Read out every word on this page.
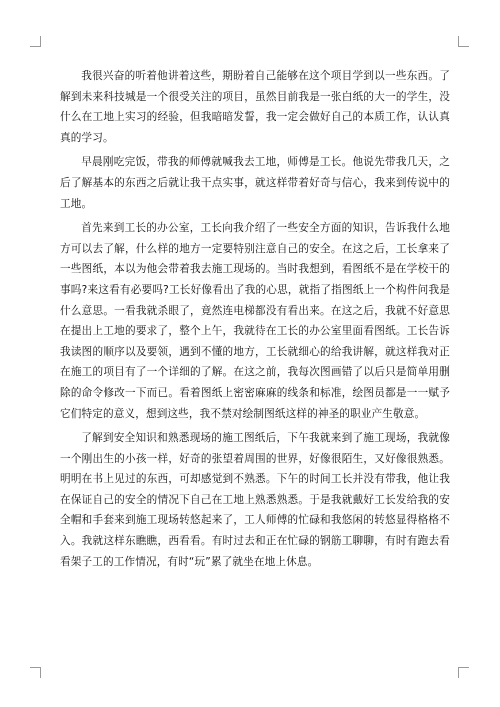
我很兴奋的听着他讲着这些，期盼着自己能够在这个项目学到以一些东西。了解到未来科技城是一个很受关注的项目，虽然目前我是一张白纸的大一的学生，没什么在工地上实习的经验，但我暗暗发誓，我一定会做好自己的本质工作，认认真真的学习。

早晨刚吃完饭，带我的师傅就喊我去工地，师傅是工长。他说先带我几天，之后了解基本的东西之后就让我干点实事，就这样带着好奇与信心，我来到传说中的工地。

首先来到工长的办公室，工长向我介绍了一些安全方面的知识，告诉我什么地方可以去了解，什么样的地方一定要特别注意自己的安全。在这之后，工长拿来了一些图纸，本以为他会带着我去施工现场的。当时我想到，看图纸不是在学校干的事吗?来这看有必要吗?工长好像看出了我的心思，就指了指图纸上一个构件问我是什么意思。一看我就杀眼了，竟然连电梯都没有看出来。在这之后，我就不好意思在提出上工地的要求了，整个上午，我就待在工长的办公室里面看图纸。工长告诉我读图的顺序以及要领，遇到不懂的地方，工长就细心的给我讲解，就这样我对正在施工的项目有了一个详细的了解。在这之前，我每次图画错了以后只是简单用删除的命令修改一下而已。看着图纸上密密麻麻的线条和标准，绘图员都是一一赋予它们特定的意义，想到这些，我不禁对绘制图纸这样的神圣的职业产生敬意。

了解到安全知识和熟悉现场的施工图纸后，下午我就来到了施工现场，我就像一个刚出生的小孩一样，好奇的张望着周围的世界，好像很陌生，又好像很熟悉。明明在书上见过的东西，可却感觉到不熟悉。下午的时间工长并没有带我，他让我在保证自己的安全的情况下自己在工地上熟悉熟悉。于是我就戴好工长发给我的安全帽和手套来到施工现场转悠起来了，工人师傅的忙碌和我悠闲的转悠显得格格不入。我就这样东瞧瞧，西看看。有时过去和正在忙碌的钢筋工聊聊，有时有跑去看看架子工的工作情况，有时“玩”累了就坐在地上休息。
